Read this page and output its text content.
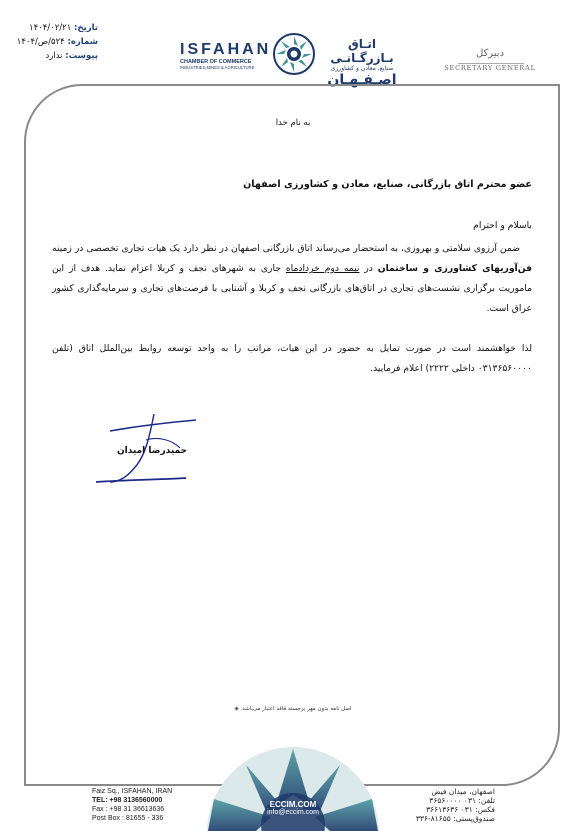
تاریخ: ۱۴۰۴/۰۲/۲۱
شماره: ۵۲۴/ص/۱۴۰۴
پیوست: ندارد	ISFAHAN
CHAMBER OF COMMERCE
INDUSTRIES,MINES & AGRICULTURE
اتـاق بـازرگـانـی
صنایع، معادن و کشاورزی
اصـفـهـان
دبیرکل
SECRETARY GENERAL
به نام خدا
عضو محترم اتاق بازرگانی، صنایع، معادن و کشاورزی اصفهان
باسلام و احترام
ضمن آرزوی سلامتی و بهروزی، به استحضار می‌رساند اتاق بازرگانی اصفهان در نظر دارد یک هیات تجاری تخصصی در زمینه فن‌آوریهای کشاورزی و ساختمان در نیمه دوم خردادماه جاری به شهرهای نجف و کربلا اعزام نماید. هدف از این ماموریت برگزاری نشست‌های تجاری در اتاق‌های بازرگانی نجف و کربلا و آشنایی با فرصت‌های تجاری و سرمایه‌گذاری کشور عراق است.
لذا خواهشمند است در صورت تمایل به حضور در این هیات، مراتب را به واحد توسعه روابط بین‌الملل اتاق (تلفن ۰۳۱۳۶۵۶۰۰۰۰ داخلی ۲۲۲۲) اعلام فرمایید.
حمیدرضا امیدان
اصل نامه بدون مهر برجسته فاقد اعتبار می‌باشد. ◈
ECCIM.COM
info@eccim.com
Faiz Sq., ISFAHAN, IRAN
TEL: +98 3136560000
Fax : +98 31 36613636
Post Box : 81655 - 336
اصفهان، میدان فیض
تلفن: ۰۳۱ ۳۶۵۶۰۰۰۰
فکس: ۰۳۱ ۳۶۶۱۳۶۳۶
صندوق‌پستی: ۸۱۶۵۵-۳۳۶
